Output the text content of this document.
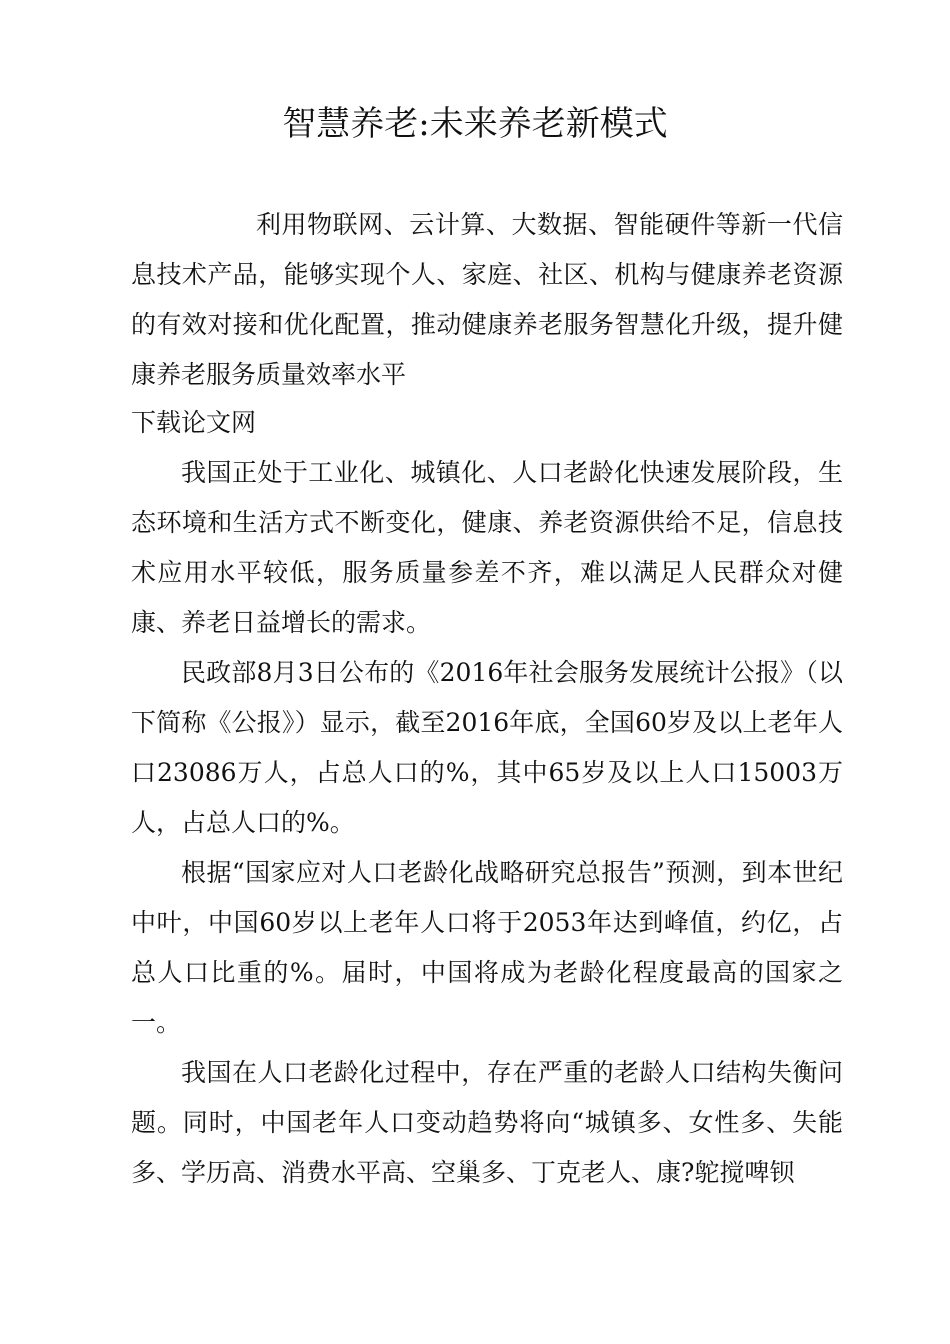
智慧养老:未来养老新模式

利用物联网、云计算、大数据、智能硬件等新一代信息技术产品，能够实现个人、家庭、社区、机构与健康养老资源的有效对接和优化配置，推动健康养老服务智慧化升级，提升健康养老服务质量效率水平

下载论文网

我国正处于工业化、城镇化、人口老龄化快速发展阶段，生态环境和生活方式不断变化，健康、养老资源供给不足，信息技术应用水平较低，服务质量参差不齐，难以满足人民群众对健康、养老日益增长的需求。

民政部8月3日公布的《2016年社会服务发展统计公报》（以下简称《公报》）显示，截至2016年底，全国60岁及以上老年人口23086万人，占总人口的%，其中65岁及以上人口15003万人，占总人口的%。

根据“国家应对人口老龄化战略研究总报告”预测，到本世纪中叶，中国60岁以上老年人口将于2053年达到峰值，约亿，占总人口比重的%。届时，中国将成为老龄化程度最高的国家之一。

我国在人口老龄化过程中，存在严重的老龄人口结构失衡问题。同时，中国老年人口变动趋势将向“城镇多、女性多、失能多、学历高、消费水平高、空巢多、丁克老人、康?鸵搅啤钡
